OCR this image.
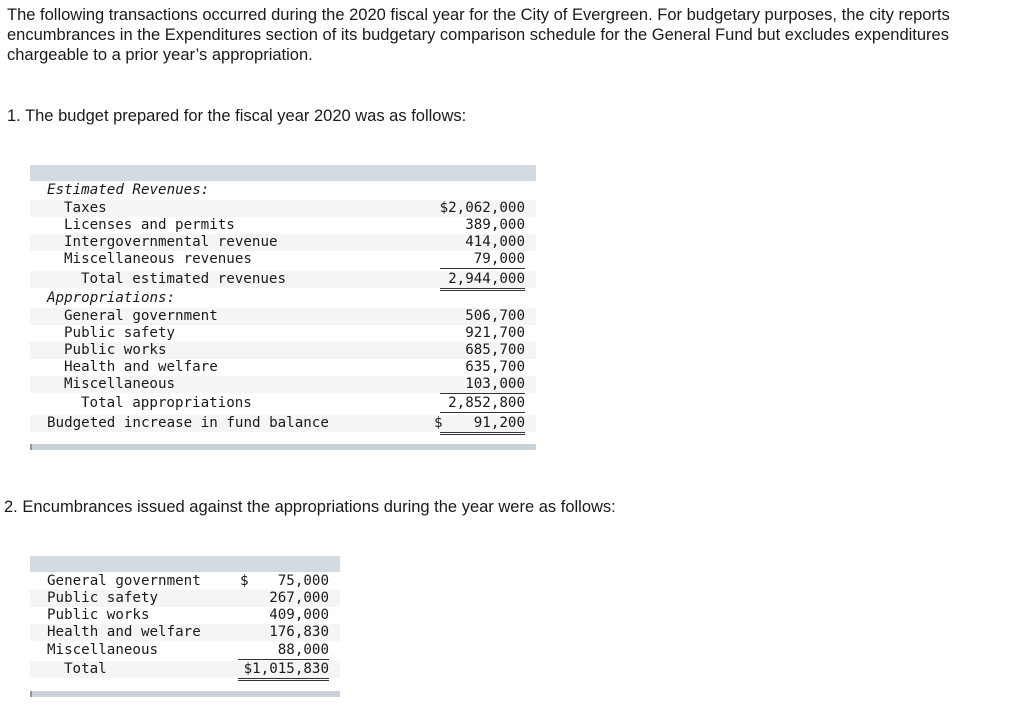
The following transactions occurred during the 2020 fiscal year for the City of Evergreen. For budgetary purposes, the city reports encumbrances in the Expenditures section of its budgetary comparison schedule for the General Fund but excludes expenditures chargeable to a prior year’s appropriation.

1. The budget prepared for the fiscal year 2020 was as follows:

Estimated Revenues:
Taxes	$2,062,000
Licenses and permits	389,000
Intergovernmental revenue	414,000
Miscellaneous revenues	79,000
Total estimated revenues	2,944,000
Appropriations:
General government	506,700
Public safety	921,700
Public works	685,700
Health and welfare	635,700
Miscellaneous	103,000
Total appropriations	2,852,800
Budgeted increase in fund balance	$	91,200

2. Encumbrances issued against the appropriations during the year were as follows:

General government	$ 75,000
Public safety	267,000
Public works	409,000
Health and welfare	176,830
Miscellaneous	88,000
Total	$1,015,830
